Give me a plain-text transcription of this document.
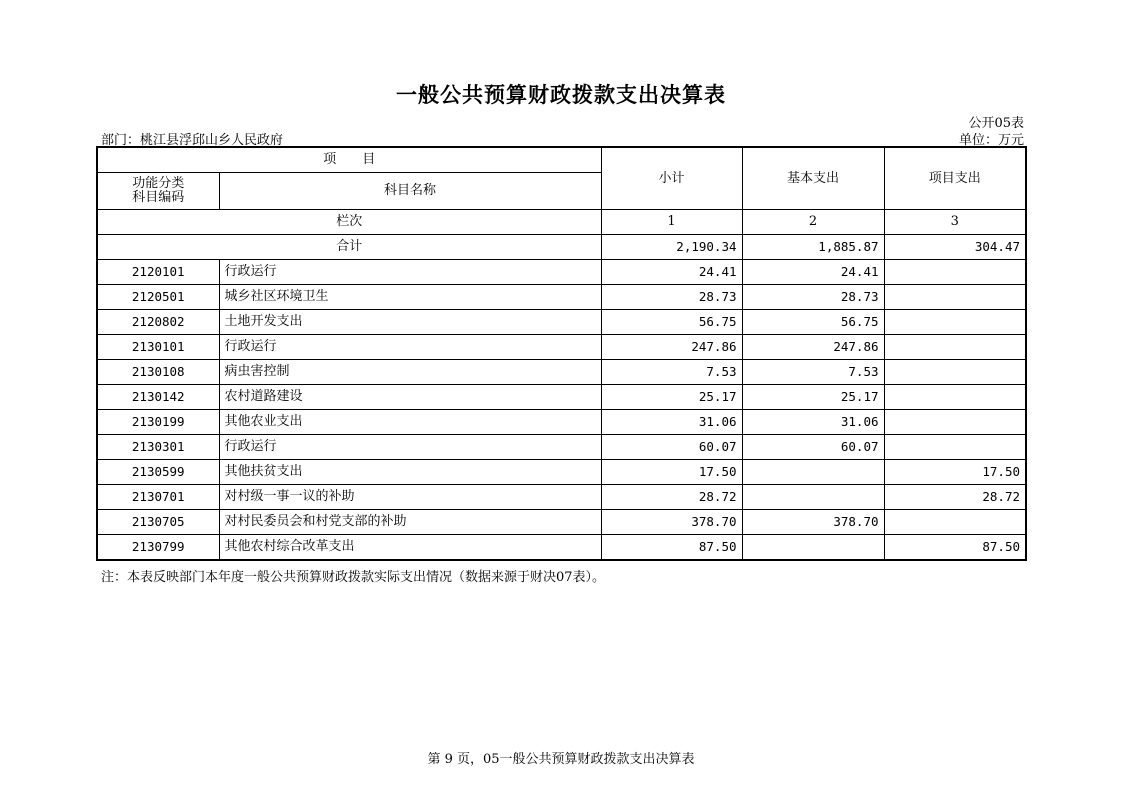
一般公共预算财政拨款支出决算表
公开05表
部门：桃江县浮邱山乡人民政府	单位：万元
项　　目		小计	基本支出	项目支出
功能分类
科目编码	科目名称			
栏次		1	2	3
合计		2,190.34	1,885.87	304.47
2120101	行政运行	24.41	24.41	
2120501	城乡社区环境卫生	28.73	28.73	
2120802	土地开发支出	56.75	56.75	
2130101	行政运行	247.86	247.86	
2130108	病虫害控制	7.53	7.53	
2130142	农村道路建设	25.17	25.17	
2130199	其他农业支出	31.06	31.06	
2130301	行政运行	60.07	60.07	
2130599	其他扶贫支出	17.50		17.50
2130701	对村级一事一议的补助	28.72		28.72
2130705	对村民委员会和村党支部的补助	378.70	378.70	
2130799	其他农村综合改革支出	87.50		87.50
注：本表反映部门本年度一般公共预算财政拨款实际支出情况（数据来源于财决07表）。
第 9 页，05一般公共预算财政拨款支出决算表
